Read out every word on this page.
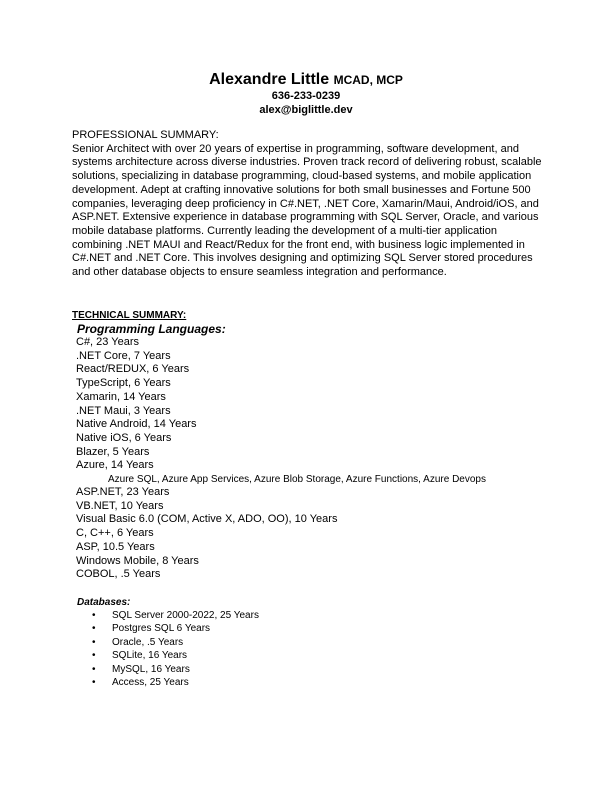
Alexandre Little MCAD, MCP
636-233-0239
alex@biglittle.dev

PROFESSIONAL SUMMARY:

Senior Architect with over 20 years of expertise in programming, software development, and systems architecture across diverse industries. Proven track record of delivering robust, scalable solutions, specializing in database programming, cloud-based systems, and mobile application development. Adept at crafting innovative solutions for both small businesses and Fortune 500 companies, leveraging deep proficiency in C#.NET, .NET Core, Xamarin/Maui, Android/iOS, and ASP.NET. Extensive experience in database programming with SQL Server, Oracle, and various mobile database platforms. Currently leading the development of a multi-tier application combining .NET MAUI and React/Redux for the front end, with business logic implemented in C#.NET and .NET Core. This involves designing and optimizing SQL Server stored procedures and other database objects to ensure seamless integration and performance.

TECHNICAL SUMMARY:
Programming Languages:
C#, 23 Years
.NET Core, 7 Years
React/REDUX, 6 Years
TypeScript, 6 Years
Xamarin, 14 Years
.NET Maui, 3 Years
Native Android, 14 Years
Native iOS, 6 Years
Blazer, 5 Years
Azure, 14 Years
Azure SQL, Azure App Services, Azure Blob Storage, Azure Functions, Azure Devops
ASP.NET, 23 Years
VB.NET, 10 Years
Visual Basic 6.0 (COM, Active X, ADO, OO), 10 Years
C, C++, 6 Years
ASP, 10.5 Years
Windows Mobile, 8 Years
COBOL, .5 Years
Databases:
• SQL Server 2000-2022, 25 Years
• Postgres SQL 6 Years
• Oracle, .5 Years
• SQLite, 16 Years
• MySQL, 16 Years
• Access, 25 Years
